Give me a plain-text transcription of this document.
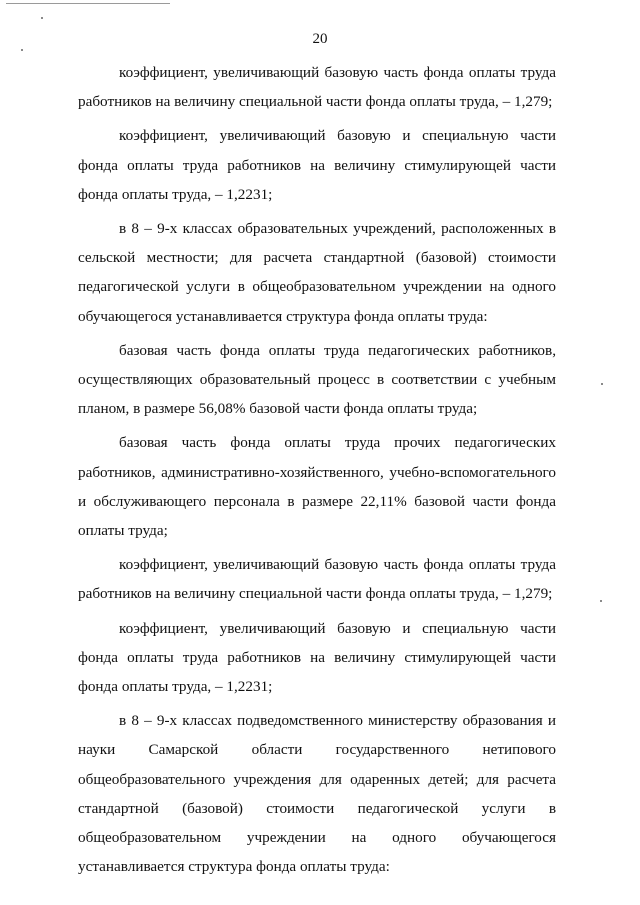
20

коэффициент, увеличивающий базовую часть фонда оплаты труда работников на величину специальной части фонда оплаты труда, – 1,279;

коэффициент, увеличивающий базовую и специальную части фонда оплаты труда работников на величину стимулирующей части фонда оплаты труда, – 1,2231;

в 8 – 9-х классах образовательных учреждений, расположенных в сельской местности; для расчета стандартной (базовой) стоимости педагогической услуги в общеобразовательном учреждении на одного обучающегося устанавливается структура фонда оплаты труда:

базовая часть фонда оплаты труда педагогических работников, осуществляющих образовательный процесс в соответствии с учебным планом, в размере 56,08% базовой части фонда оплаты труда;

базовая часть фонда оплаты труда прочих педагогических работников, административно-хозяйственного, учебно-вспомогательного и обслуживающего персонала в размере 22,11% базовой части фонда оплаты труда;

коэффициент, увеличивающий базовую часть фонда оплаты труда работников на величину специальной части фонда оплаты труда, – 1,279;

коэффициент, увеличивающий базовую и специальную части фонда оплаты труда работников на величину стимулирующей части фонда оплаты труда, – 1,2231;

в 8 – 9-х классах подведомственного министерству образования и науки Самарской области государственного нетипового общеобразовательного учреждения для одаренных детей; для расчета стандартной (базовой) стоимости педагогической услуги в общеобразовательном учреждении на одного обучающегося устанавливается структура фонда оплаты труда:
